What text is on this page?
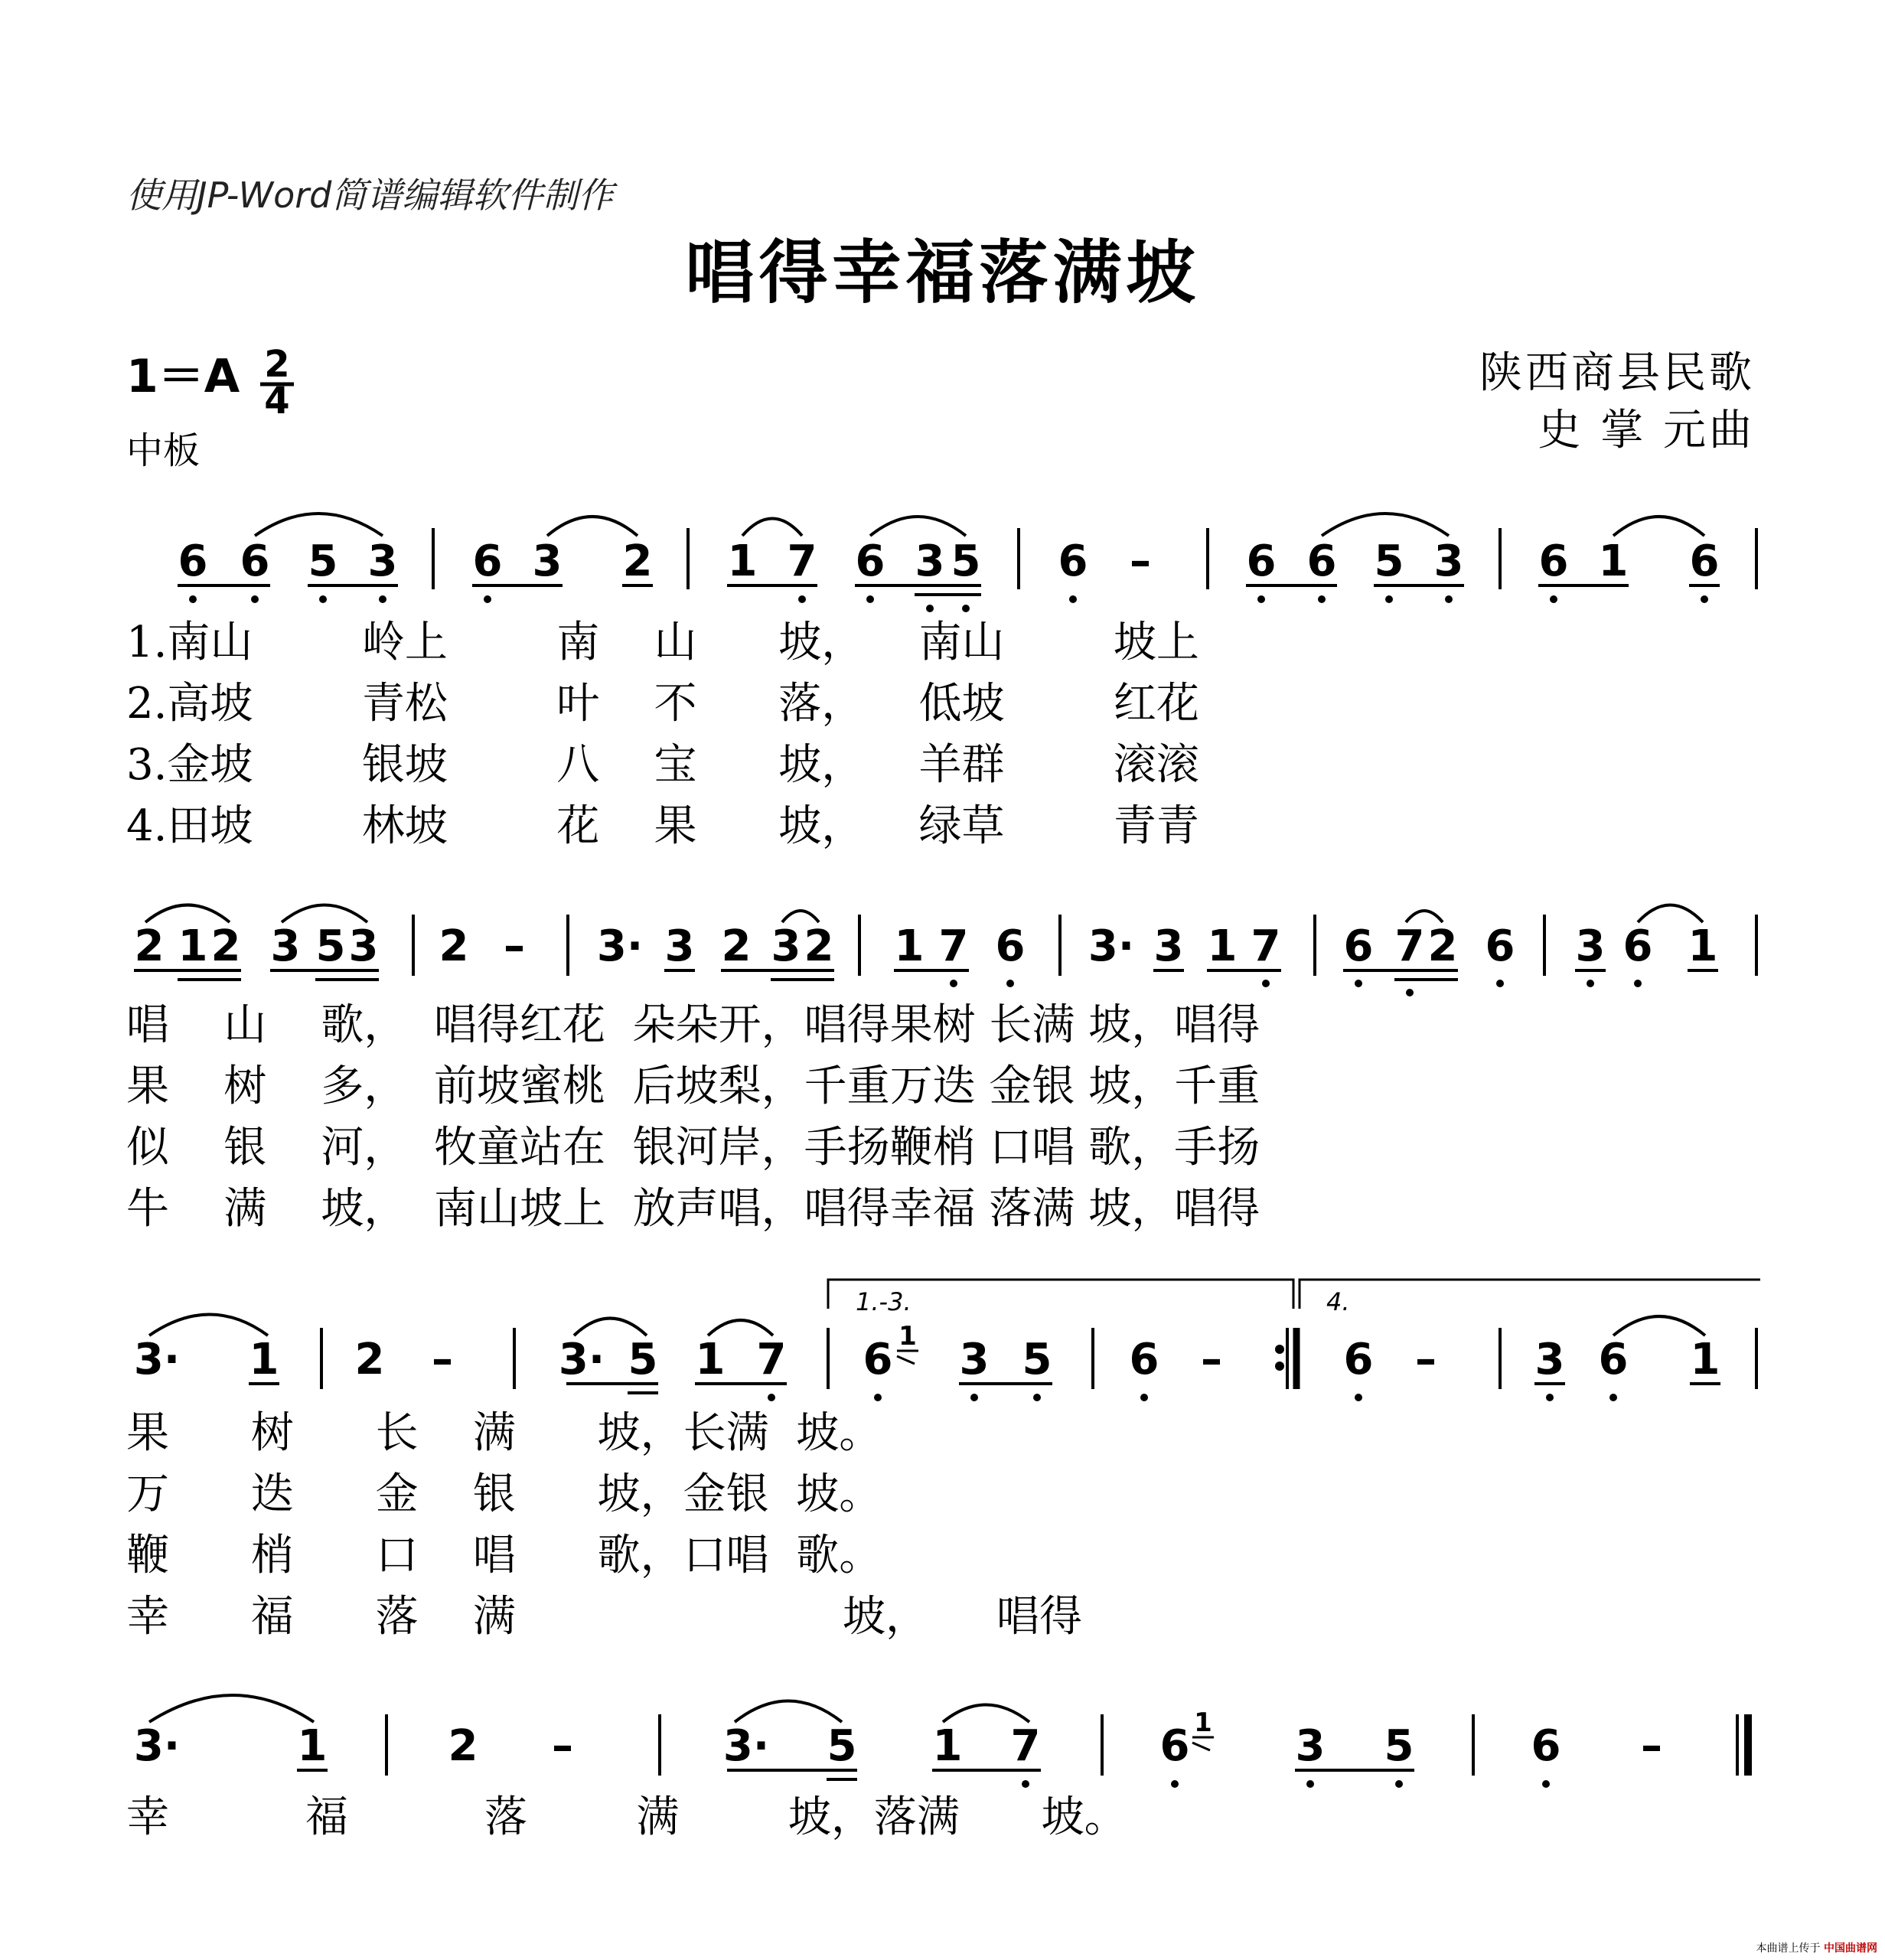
使用JP-Word简谱编辑软件制作
唱得幸福落满坡
1＝A
中板
陕西商县民歌
史 掌 元曲
2
4
6 6 5 3 6 3 2 1 7 6 3 5 6 – 6 6 5 3 6 1 6
2 1 2 3 5 3 2 – 3· 3 2 3 2 1 7 6 3· 3 1 7 6 7 2 6 3 6 1
1.-3.	4.
3· 1 2 – 3· 5 1 7 6 1 3 5 6 –	6 – 3 6 1
3·	1	2 –	3· 5 1 7	6 1 3 5	6 –
1.南山        岭上        南    山      坡，    南山        坡上
2.高坡        青松        叶    不      落，    低坡        红花
3.金坡        银坡        八    宝      坡，    羊群        滚滚
4.田坡        林坡        花    果      坡，    绿草        青青
唱    山    歌，  唱得红花  朵朵开，唱得果树 长满 坡，唱得
果    树    多，  前坡蜜桃  后坡梨，千重万迭 金银 坡，千重
似    银    河，  牧童站在  银河岸，手扬鞭梢 口唱 歌，手扬
牛    满    坡，  南山坡上  放声唱，唱得幸福 落满 坡，唱得
果      树      长    满      坡，长满  坡。
万      迭      金    银      坡，金银  坡。
鞭      梢      口    唱      歌，口唱  歌。
幸      福      落    满                        坡，     唱得
幸          福          落        满        坡，落满      坡。
本曲谱上传于 中国曲谱网
